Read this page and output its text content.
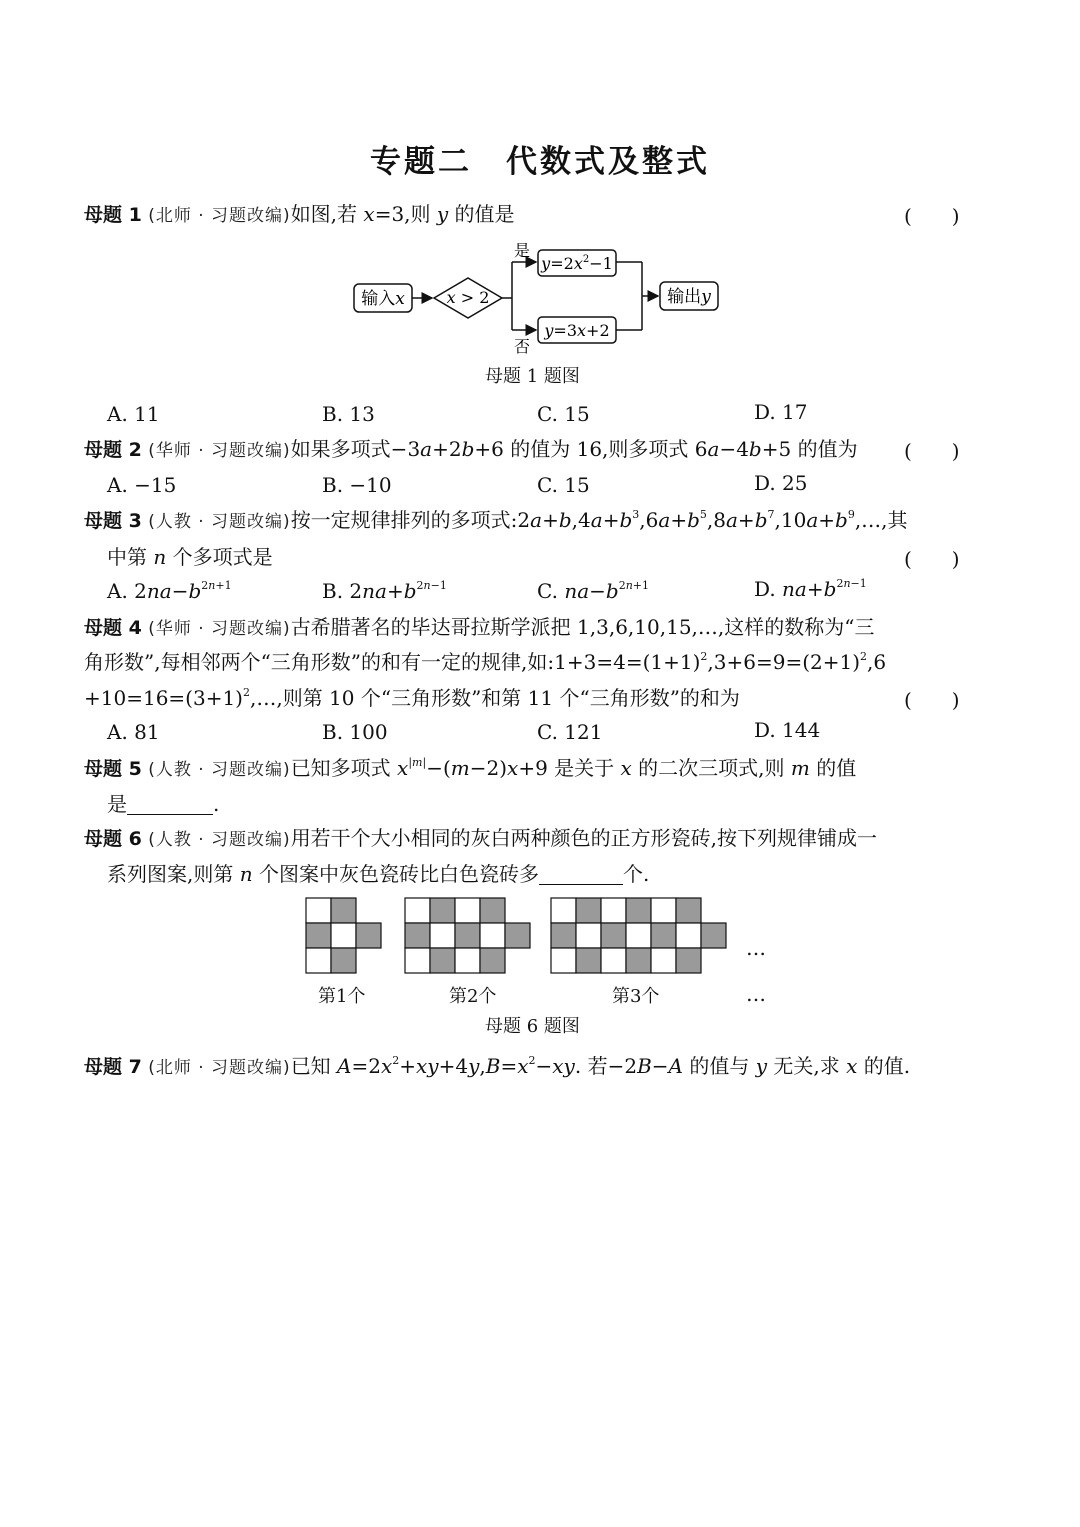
专题二　代数式及整式
母题 1 (北师 · 习题改编)如图,若 x=3,则 y 的值是	(　　)
输入x	x > 2
是
否
$y=2x^2-1$
y=3x+2
输出y
母题 1 题图
A. 11	B. 13	C. 15	D. 17
母题 2 (华师 · 习题改编)如果多项式−3a+2b+6 的值为 16,则多项式 6a−4b+5 的值为 (　　)
A. −15	B. −10	C. 15	D. 25
母题 3 (人教 · 习题改编)按一定规律排列的多项式$:2a+b,4a+b^3,6a+b^5,8a+b^7,10a+b^9,\dots$,其
中第 n 个多项式是	(　　)
A. $2na-b^{2n+1}$	B. $2na+b^{2n-1}$	C. $na-b^{2n+1}$	D. $na+b^{2n-1}$
母题 4 (华师 · 习题改编)古希腊著名的毕达哥拉斯学派把 1,3,6,10,15,…,这样的数称为“三
角形数”,每相邻两个“三角形数”的和有一定的规律,如$:1+3=4=(1+1)^2,3+6=9=(2+1)^2,6$
$+10=16=(3+1)^2,\dots$,则第 10 个“三角形数”和第 11 个“三角形数”的和为	(　　)
A. 81	B. 100	C. 121	D. 144
母题 5 (人教 · 习题改编)已知多项式 $x^{|m|}-(m-2)x+9$ 是关于 x 的二次三项式,则 m 的值
是	.
母题 6 (人教 · 习题改编)用若干个大小相同的灰白两种颜色的正方形瓷砖,按下列规律铺成一
系列图案,则第 n 个图案中灰色瓷砖比白色瓷砖多	个.
…
第1个	第2个	第3个	…
母题 6 题图
母题 7 (北师 · 习题改编)已知 $A=2x^2+xy+4y,B=x^2-xy$. 若−2B−A 的值与 y 无关,求 x 的值.
